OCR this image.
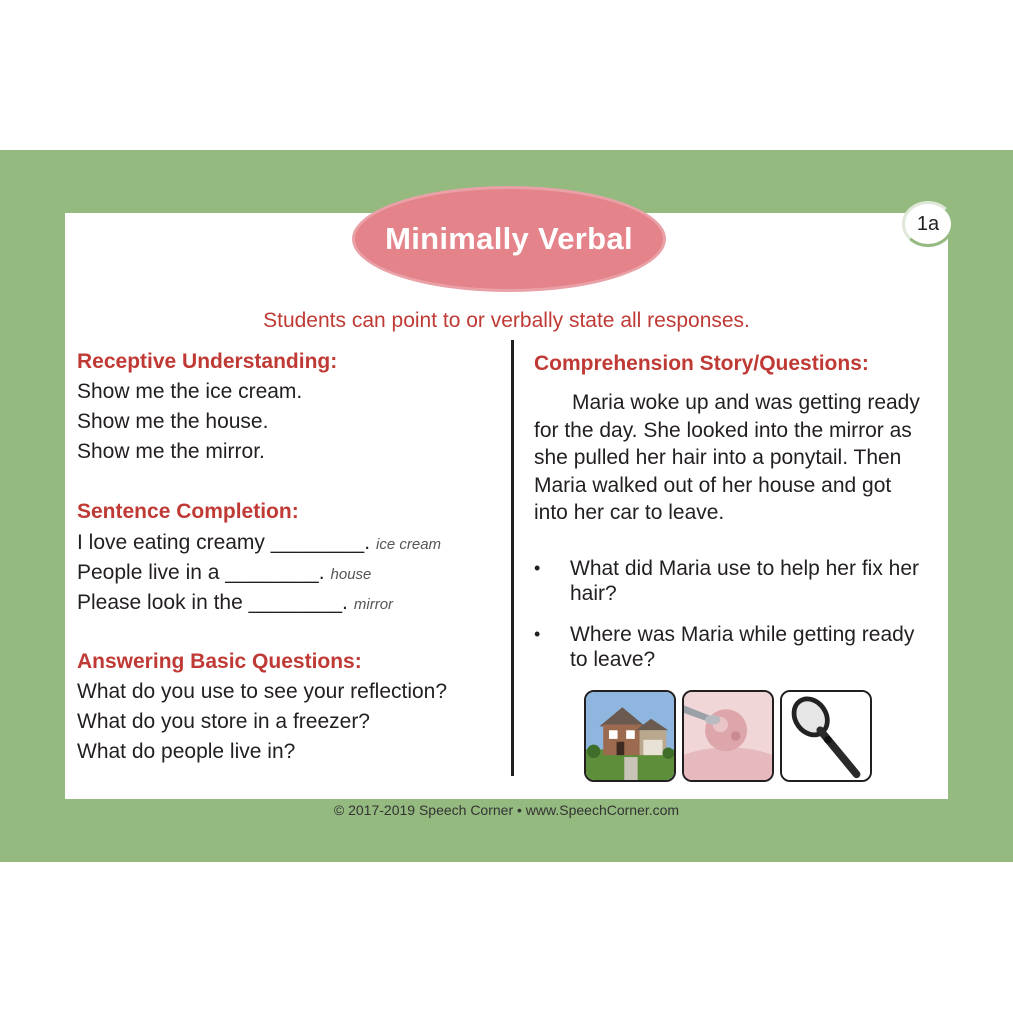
Minimally Verbal	1a
Students can point to or verbally state all responses.
Receptive Understanding:
Show me the ice cream.
Show me the house.
Show me the mirror.
Sentence Completion:
I love eating creamy ________. ice cream
People live in a ________. house
Please look in the ________. mirror
Answering Basic Questions:
What do you use to see your reflection?
What do you store in a freezer?
What do people live in?
Comprehension Story/Questions:

Maria woke up and was getting ready for the day. She looked into the mirror as she pulled her hair into a ponytail. Then Maria walked out of her house and got into her car to leave.

• What did Maria use to help her fix her hair?
• Where was Maria while getting ready to leave?
© 2017-2019 Speech Corner • www.SpeechCorner.com
